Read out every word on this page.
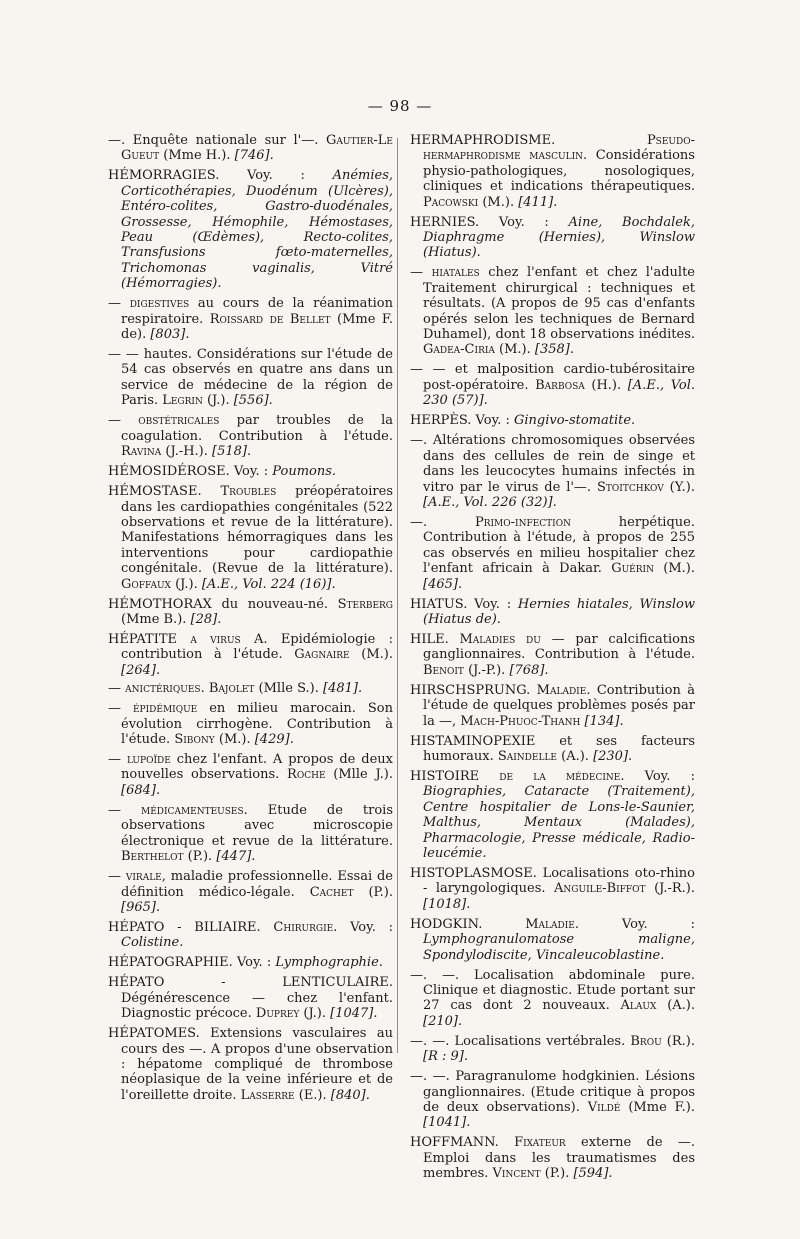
— 98 —

—. Enquête nationale sur l'—. Gautier-Le Gueut (Mme H.). [746].

HÉMORRAGIES. Voy. : Anémies, Corticothérapies, Duodénum (Ulcères), Entéro-colites, Gastro-duodénales, Grossesse, Hémophile, Hémostases, Peau (Œdèmes), Recto-colites, Transfusions fœto-maternelles, Trichomonas vaginalis, Vitré (Hémorragies).

— digestives au cours de la réanimation respiratoire. Roissard de Bellet (Mme F. de). [803].

— — hautes. Considérations sur l'étude de 54 cas observés en quatre ans dans un service de médecine de la région de Paris. Legrin (J.). [556].

— obstétricales par troubles de la coagulation. Contribution à l'étude. Ravina (J.-H.). [518].

HÉMOSIDÉROSE. Voy. : Poumons.

HÉMOSTASE. Troubles préopératoires dans les cardiopathies congénitales (522 observations et revue de la littérature). Manifestations hémorragiques dans les interventions pour cardiopathie congénitale. (Revue de la littérature). Goffaux (J.). [A.E., Vol. 224 (16)].

HÉMOTHORAX du nouveau-né. Sterberg (Mme B.). [28].

HÉPATITE a virus A. Epidémiologie : contribution à l'étude. Gagnaire (M.). [264].

— anictériques. Bajolet (Mlle S.). [481].

— épidémique en milieu marocain. Son évolution cirrhogène. Contribution à l'étude. Sibony (M.). [429].

— lupoïde chez l'enfant. A propos de deux nouvelles observations. Roche (Mlle J.). [684].

— médicamenteuses. Etude de trois observations avec microscopie électronique et revue de la littérature. Berthelot (P.). [447].

— virale, maladie professionnelle. Essai de définition médico-légale. Cachet (P.). [965].

HÉPATO - BILIAIRE. Chirurgie. Voy. : Colistine.

HÉPATOGRAPHIE. Voy. : Lymphographie.

HÉPATO - LENTICULAIRE. Dégénérescence — chez l'enfant. Diagnostic précoce. Duprey (J.). [1047].

HÉPATOMES. Extensions vasculaires au cours des —. A propos d'une observation : hépatome compliqué de thrombose néoplasique de la veine inférieure et de l'oreillette droite. Lasserre (E.). [840].

HERMAPHRODISME. Pseudo-hermaphrodisme masculin. Considérations physio-pathologiques, nosologiques, cliniques et indications thérapeutiques. Pacowski (M.). [411].

HERNIES. Voy. : Aine, Bochdalek, Diaphragme (Hernies), Winslow (Hiatus).

— hiatales chez l'enfant et chez l'adulte Traitement chirurgical : techniques et résultats. (A propos de 95 cas d'enfants opérés selon les techniques de Bernard Duhamel), dont 18 observations inédites. Gadea-Ciria (M.). [358].

— — et malposition cardio-tubérositaire post-opératoire. Barbosa (H.). [A.E., Vol. 230 (57)].

HERPÈS. Voy. : Gingivo-stomatite.

—. Altérations chromosomiques observées dans des cellules de rein de singe et dans les leucocytes humains infectés in vitro par le virus de l'—. Stoitchkov (Y.). [A.E., Vol. 226 (32)].

—. Primo-infection herpétique. Contribution à l'étude, à propos de 255 cas observés en milieu hospitalier chez l'enfant africain à Dakar. Guérin (M.). [465].

HIATUS. Voy. : Hernies hiatales, Winslow (Hiatus de).

HILE. Maladies du — par calcifications ganglionnaires. Contribution à l'étude. Benoit (J.-P.). [768].

HIRSCHSPRUNG. Maladie. Contribution à l'étude de quelques problèmes posés par la —, Mach-Phuoc-Thanh [134].

HISTAMINOPEXIE et ses facteurs humoraux. Saindelle (A.). [230].

HISTOIRE de la médecine. Voy. : Biographies, Cataracte (Traitement), Centre hospitalier de Lons-le-Saunier, Malthus, Mentaux (Malades), Pharmacologie, Presse médicale, Radio-leucémie.

HISTOPLASMOSE. Localisations oto-rhino - laryngologiques. Anguile-Biffot (J.-R.). [1018].

HODGKIN. Maladie. Voy. : Lymphogranulomatose maligne, Spondylodiscite, Vincaleucoblastine.

—. —. Localisation abdominale pure. Clinique et diagnostic. Etude portant sur 27 cas dont 2 nouveaux. Alaux (A.). [210].

—. —. Localisations vertébrales. Brou (R.). [R : 9].

—. —. Paragranulome hodgkinien. Lésions ganglionnaires. (Etude critique à propos de deux observations). Vildé (Mme F.). [1041].

HOFFMANN. Fixateur externe de —. Emploi dans les traumatismes des membres. Vincent (P.). [594].
